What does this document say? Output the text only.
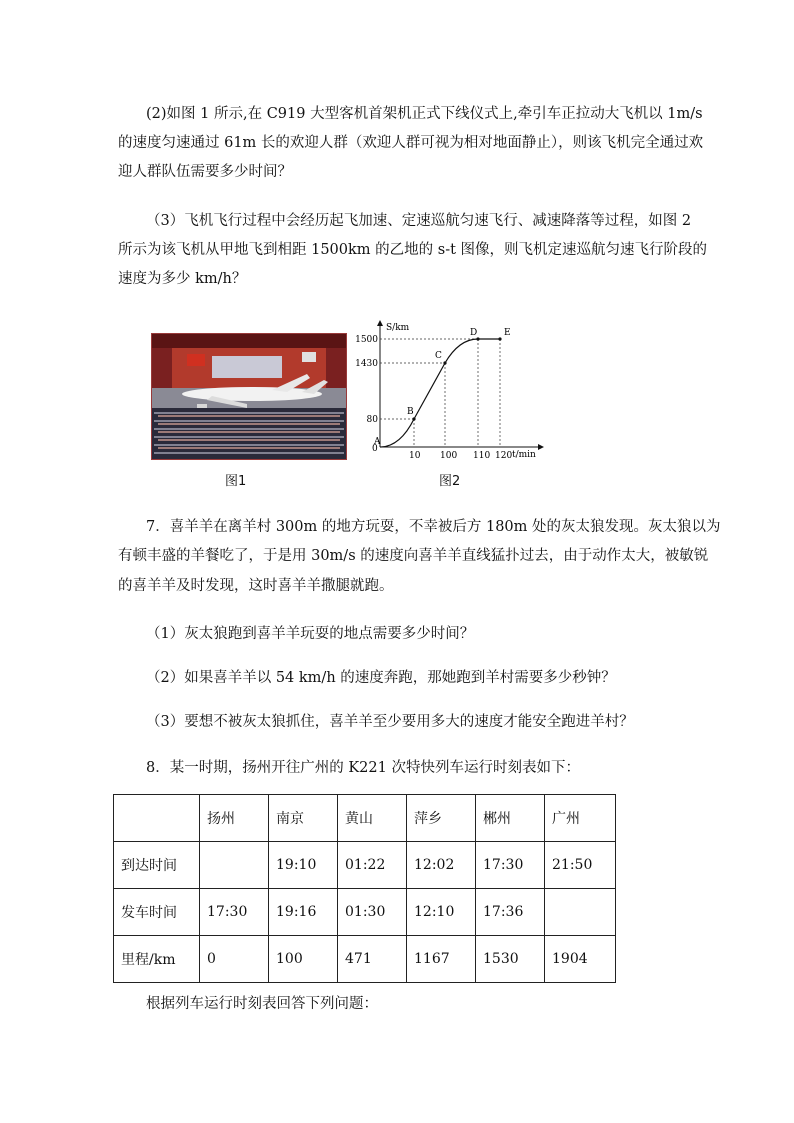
(2)如图 1 所示,在 C919 大型客机首架机正式下线仪式上,牵引车正拉动大飞机以 1m/s
的速度匀速通过 61m 长的欢迎人群（欢迎人群可视为相对地面静止），则该飞机完全通过欢
迎人群队伍需要多少时间？
（3）飞机飞行过程中会经历起飞加速、定速巡航匀速飞行、减速降落等过程，如图 2
所示为该飞机从甲地飞到相距 1500km 的乙地的 s-t 图像，则飞机定速巡航匀速飞行阶段的
速度为多少 km/h？
图1
S/km
t/min
0
A
B
C
D	E
10 100 110 120
80
1430
1500
图2
7．喜羊羊在离羊村 300m 的地方玩耍，不幸被后方 180m 处的灰太狼发现。灰太狼以为
有顿丰盛的羊餐吃了，于是用 30m/s 的速度向喜羊羊直线猛扑过去，由于动作太大，被敏锐
的喜羊羊及时发现，这时喜羊羊撒腿就跑。
（1）灰太狼跑到喜羊羊玩耍的地点需要多少时间？
（2）如果喜羊羊以 54 km/h 的速度奔跑，那她跑到羊村需要多少秒钟？
（3）要想不被灰太狼抓住，喜羊羊至少要用多大的速度才能安全跑进羊村？
8．某一时期，扬州开往广州的 K221 次特快列车运行时刻表如下：
	扬州	南京	黄山	萍乡	郴州	广州
到达时间		19:10	01:22	12:02	17:30	21:50
发车时间	17:30	19:16	01:30	12:10	17:36	
里程/km	0	100	471	1167	1530	1904
根据列车运行时刻表回答下列问题：
